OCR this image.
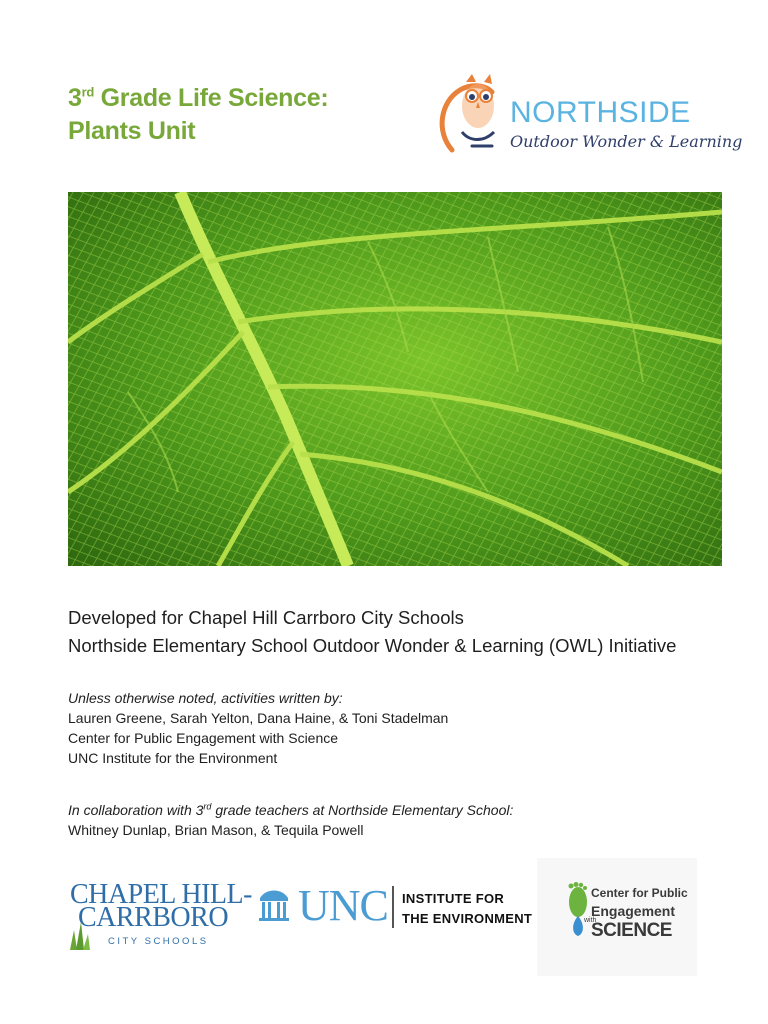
3rd Grade Life Science:
Plants Unit
NORTHSIDE
Outdoor Wonder & Learning
Developed for Chapel Hill Carrboro City Schools
Northside Elementary School Outdoor Wonder & Learning (OWL) Initiative
Unless otherwise noted, activities written by:
Lauren Greene, Sarah Yelton, Dana Haine, & Toni Stadelman
Center for Public Engagement with Science
UNC Institute for the Environment
In collaboration with 3rd grade teachers at Northside Elementary School:
Whitney Dunlap, Brian Mason, & Tequila Powell
CHAPEL HILL-
CARRBORO
CITY SCHOOLS
UNC INSTITUTE FOR
THE ENVIRONMENT
Center for Public
Engagement
with
SCIENCE
